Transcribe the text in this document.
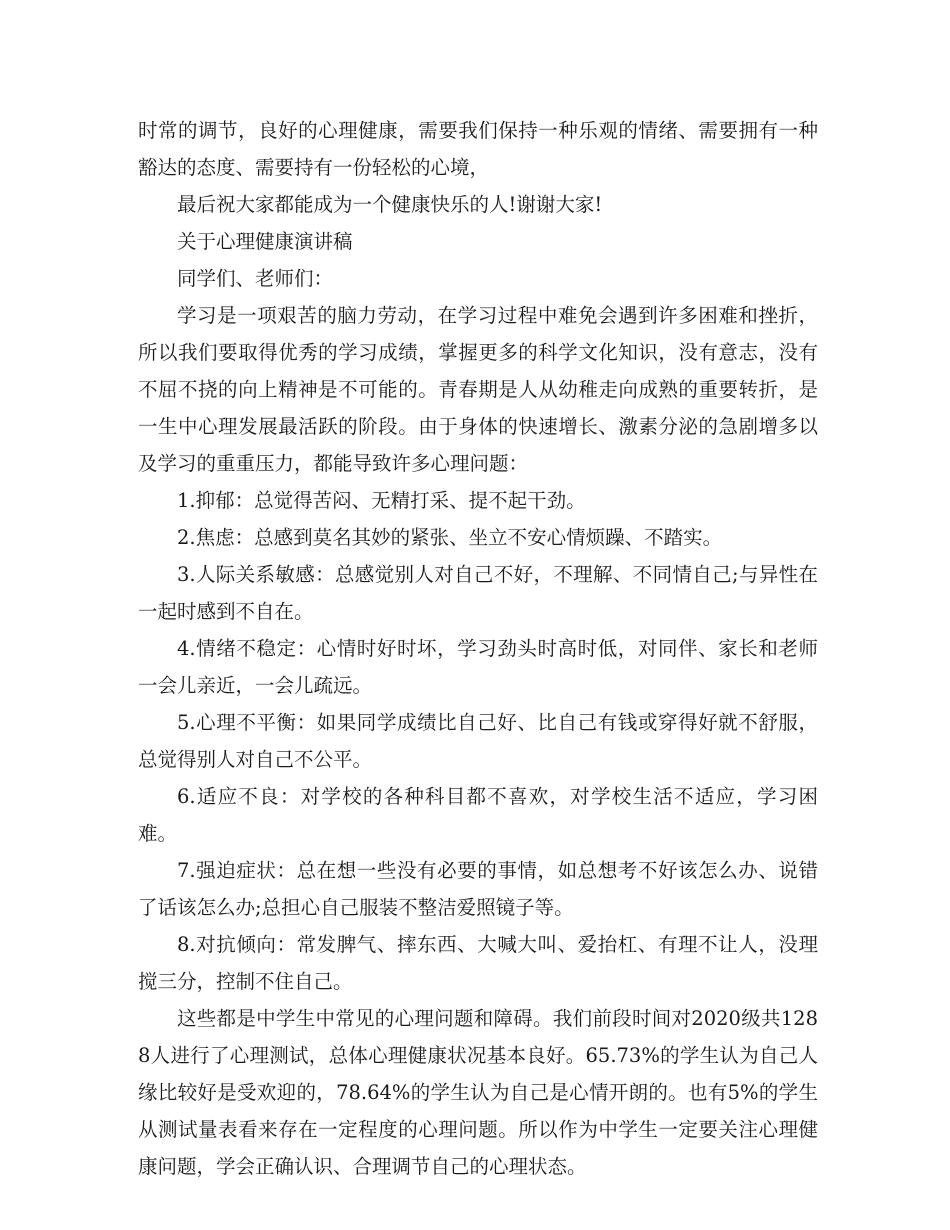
时常的调节，良好的心理健康，需要我们保持一种乐观的情绪、需要拥有一种豁达的态度、需要持有一份轻松的心境，

最后祝大家都能成为一个健康快乐的人!谢谢大家!

关于心理健康演讲稿

同学们、老师们：

学习是一项艰苦的脑力劳动，在学习过程中难免会遇到许多困难和挫折，所以我们要取得优秀的学习成绩，掌握更多的科学文化知识，没有意志，没有不屈不挠的向上精神是不可能的。青春期是人从幼稚走向成熟的重要转折，是一生中心理发展最活跃的阶段。由于身体的快速增长、激素分泌的急剧增多以及学习的重重压力，都能导致许多心理问题：

1.抑郁：总觉得苦闷、无精打采、提不起干劲。

2.焦虑：总感到莫名其妙的紧张、坐立不安心情烦躁、不踏实。

3.人际关系敏感：总感觉别人对自己不好，不理解、不同情自己;与异性在一起时感到不自在。

4.情绪不稳定：心情时好时坏，学习劲头时高时低，对同伴、家长和老师一会儿亲近，一会儿疏远。

5.心理不平衡：如果同学成绩比自己好、比自己有钱或穿得好就不舒服，总觉得别人对自己不公平。

6.适应不良：对学校的各种科目都不喜欢，对学校生活不适应，学习困难。

7.强迫症状：总在想一些没有必要的事情，如总想考不好该怎么办、说错了话该怎么办;总担心自己服装不整洁爱照镜子等。

8.对抗倾向：常发脾气、摔东西、大喊大叫、爱抬杠、有理不让人，没理搅三分，控制不住自己。

这些都是中学生中常见的心理问题和障碍。我们前段时间对2020级共1288人进行了心理测试，总体心理健康状况基本良好。65.73%的学生认为自己人缘比较好是受欢迎的，78.64%的学生认为自己是心情开朗的。也有5%的学生从测试量表看来存在一定程度的心理问题。所以作为中学生一定要关注心理健康问题，学会正确认识、合理调节自己的心理状态。
